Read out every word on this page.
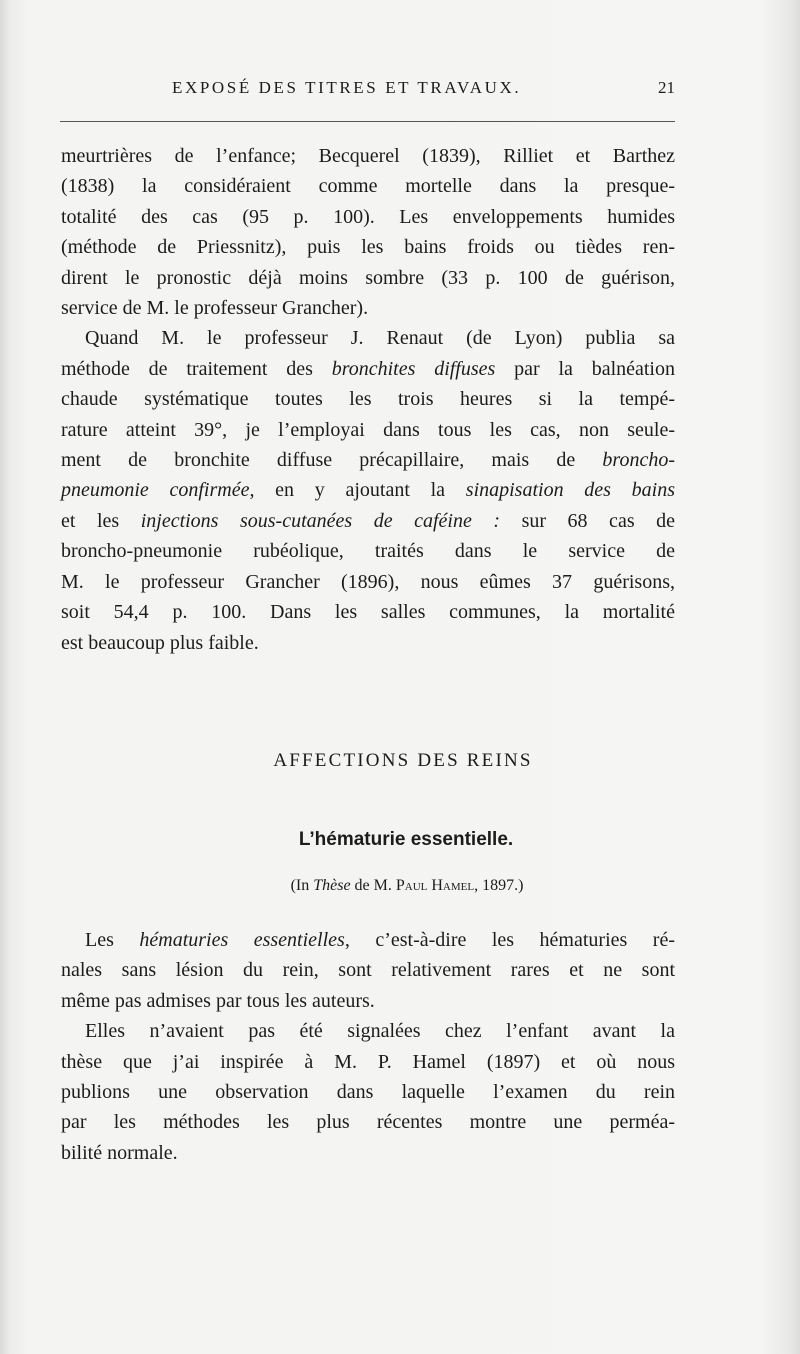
EXPOSÉ DES TITRES ET TRAVAUX.	21

meurtrières de l’enfance; Becquerel (1839), Rilliet et Barthez

(1838) la considéraient comme mortelle dans la presque-

totalité des cas (95 p. 100). Les enveloppements humides

(méthode de Priessnitz), puis les bains froids ou tièdes ren-

dirent le pronostic déjà moins sombre (33 p. 100 de guérison,

service de M. le professeur Grancher).

Quand M. le professeur J. Renaut (de Lyon) publia sa

méthode de traitement des bronchites diffuses par la balnéation

chaude systématique toutes les trois heures si la tempé-

rature atteint 39°, je l’employai dans tous les cas, non seule-

ment de bronchite diffuse précapillaire, mais de broncho-

pneumonie confirmée, en y ajoutant la sinapisation des bains

et les injections sous-cutanées de caféine : sur 68 cas de

broncho-pneumonie rubéolique, traités dans le service de

M. le professeur Grancher (1896), nous eûmes 37 guérisons,

soit 54,4 p. 100. Dans les salles communes, la mortalité

est beaucoup plus faible.

AFFECTIONS DES REINS
L’hématurie essentielle.
(In Thèse de M. Paul Hamel, 1897.)

Les hématuries essentielles, c’est-à-dire les hématuries ré-

nales sans lésion du rein, sont relativement rares et ne sont

même pas admises par tous les auteurs.

Elles n’avaient pas été signalées chez l’enfant avant la

thèse que j’ai inspirée à M. P. Hamel (1897) et où nous

publions une observation dans laquelle l’examen du rein

par les méthodes les plus récentes montre une perméa-

bilité normale.
